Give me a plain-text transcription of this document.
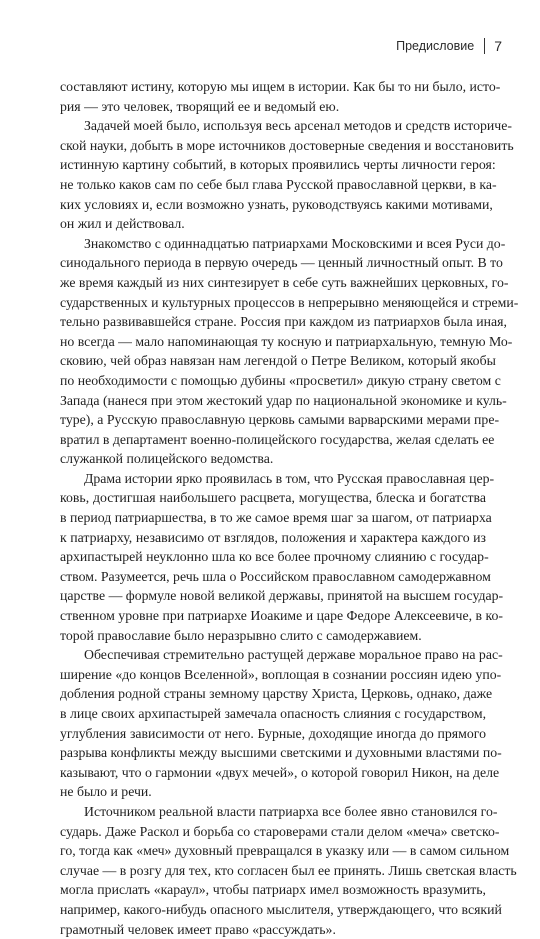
Предисловие 7

составляют истину, которую мы ищем в истории. Как бы то ни было, исто-
рия — это человек, творящий ее и ведомый ею.

Задачей моей было, используя весь арсенал методов и средств историче-
ской науки, добыть в море источников достоверные сведения и восстановить
истинную картину событий, в которых проявились черты личности героя:
не только каков сам по себе был глава Русской православной церкви, в ка-
ких условиях и, если возможно узнать, руководствуясь какими мотивами,
он жил и действовал.

Знакомство с одиннадцатью патриархами Московскими и всея Руси до-
синодального периода в первую очередь — ценный личностный опыт. В то
же время каждый из них синтезирует в себе суть важнейших церковных, го-
сударственных и культурных процессов в непрерывно меняющейся и стреми-
тельно развивавшейся стране. Россия при каждом из патриархов была иная,
но всегда — мало напоминающая ту косную и патриархальную, темную Мо-
сковию, чей образ навязан нам легендой о Петре Великом, который якобы
по необходимости с помощью дубины «просветил» дикую страну светом с
Запада (нанеся при этом жестокий удар по национальной экономике и куль-
туре), а Русскую православную церковь самыми варварскими мерами пре-
вратил в департамент военно-полицейского государства, желая сделать ее
служанкой полицейского ведомства.

Драма истории ярко проявилась в том, что Русская православная цер-
ковь, достигшая наибольшего расцвета, могущества, блеска и богатства
в период патриаршества, в то же самое время шаг за шагом, от патриарха
к патриарху, независимо от взглядов, положения и характера каждого из
архипастырей неуклонно шла ко все более прочному слиянию с государ-
ством. Разумеется, речь шла о Российском православном самодержавном
царстве — формуле новой великой державы, принятой на высшем государ-
ственном уровне при патриархе Иоакиме и царе Федоре Алексеевиче, в ко-
торой православие было неразрывно слито с самодержавием.

Обеспечивая стремительно растущей державе моральное право на рас-
ширение «до концов Вселенной», воплощая в сознании россиян идею упо-
добления родной страны земному царству Христа, Церковь, однако, даже
в лице своих архипастырей замечала опасность слияния с государством,
углубления зависимости от него. Бурные, доходящие иногда до прямого
разрыва конфликты между высшими светскими и духовными властями по-
казывают, что о гармонии «двух мечей», о которой говорил Никон, на деле
не было и речи.

Источником реальной власти патриарха все более явно становился го-
сударь. Даже Раскол и борьба со староверами стали делом «меча» светско-
го, тогда как «меч» духовный превращался в указку или — в самом сильном
случае — в розгу для тех, кто согласен был ее принять. Лишь светская власть
могла прислать «караул», чтобы патриарх имел возможность вразумить,
например, какого-нибудь опасного мыслителя, утверждающего, что всякий
грамотный человек имеет право «рассуждать».
